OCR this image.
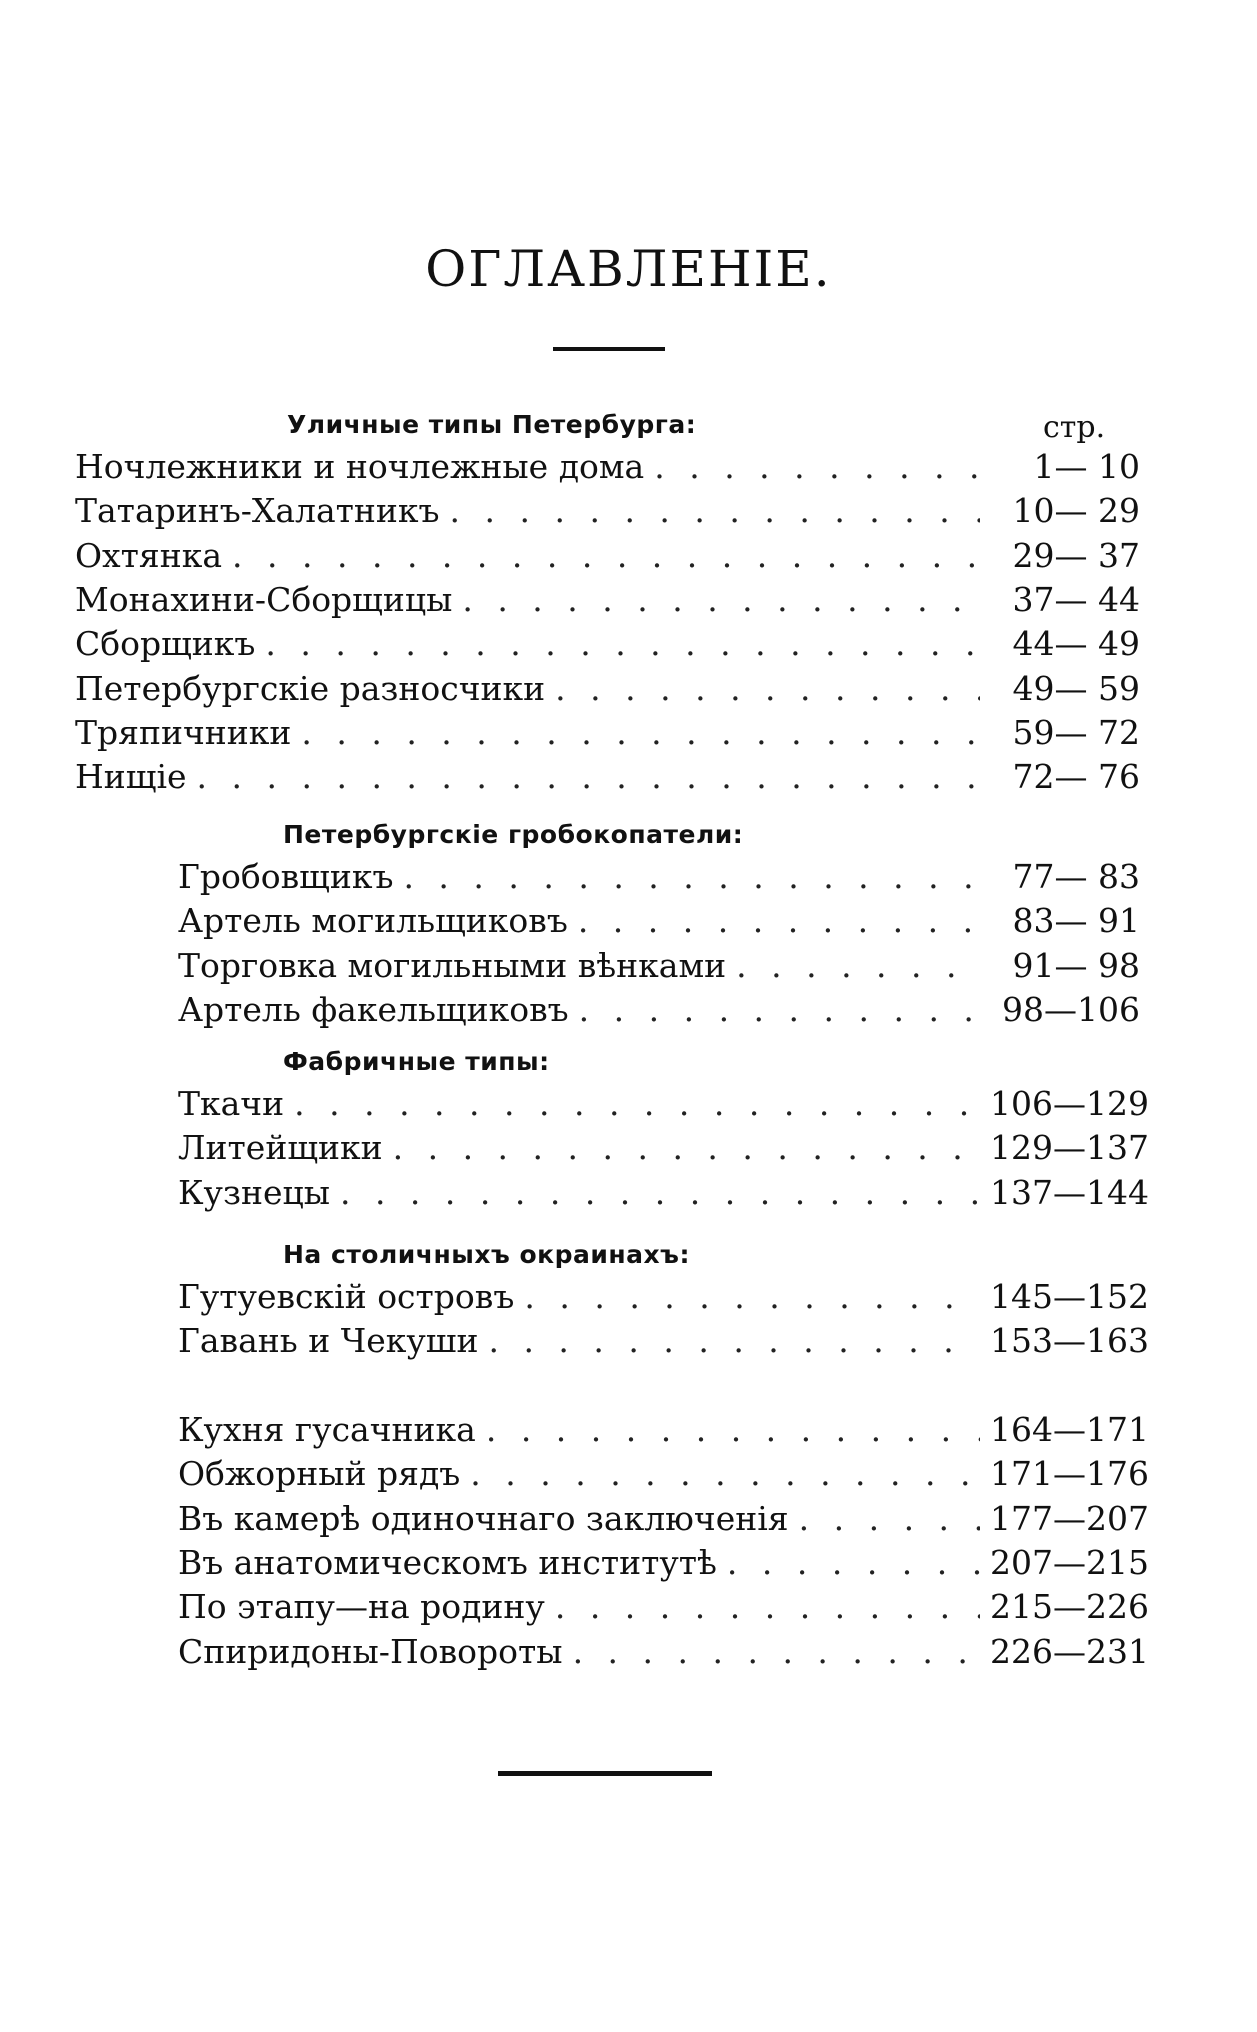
ОГЛАВЛЕНІЕ.
стр.
Уличные типы Петербурга:
Ночлежники и ночлежные дома . . .	1— 10
Татаринъ-Халатникъ . . .	10— 29
Охтянка . . .	29— 37
Монахини-Сборщицы . . .	37— 44
Сборщикъ . . .	44— 49
Петербургскіе разносчики . . .	49— 59
Тряпичники . . .	59— 72
Нищіе . . .	72— 76
Петербургскіе гробокопатели:
Гробовщикъ . . .	77— 83
Артель могильщиковъ . . .	83— 91
Торговка могильными вѣнками . . .	91— 98
Артель факельщиковъ . . .	98—106
Фабричные типы:
Ткачи . . .	106—129
Литейщики . . .	129—137
Кузнецы . . .	137—144
На столичныхъ окраинахъ:
Гутуевскій островъ . . .	145—152
Гавань и Чекуши . . .	153—163
Кухня гусачника . . .	164—171
Обжорный рядъ . . .	171—176
Въ камерѣ одиночнаго заключенія . . .	177—207
Въ анатомическомъ институтѣ . . .	207—215
По этапу—на родину . . .	215—226
Спиридоны-Повороты . . .	226—231
